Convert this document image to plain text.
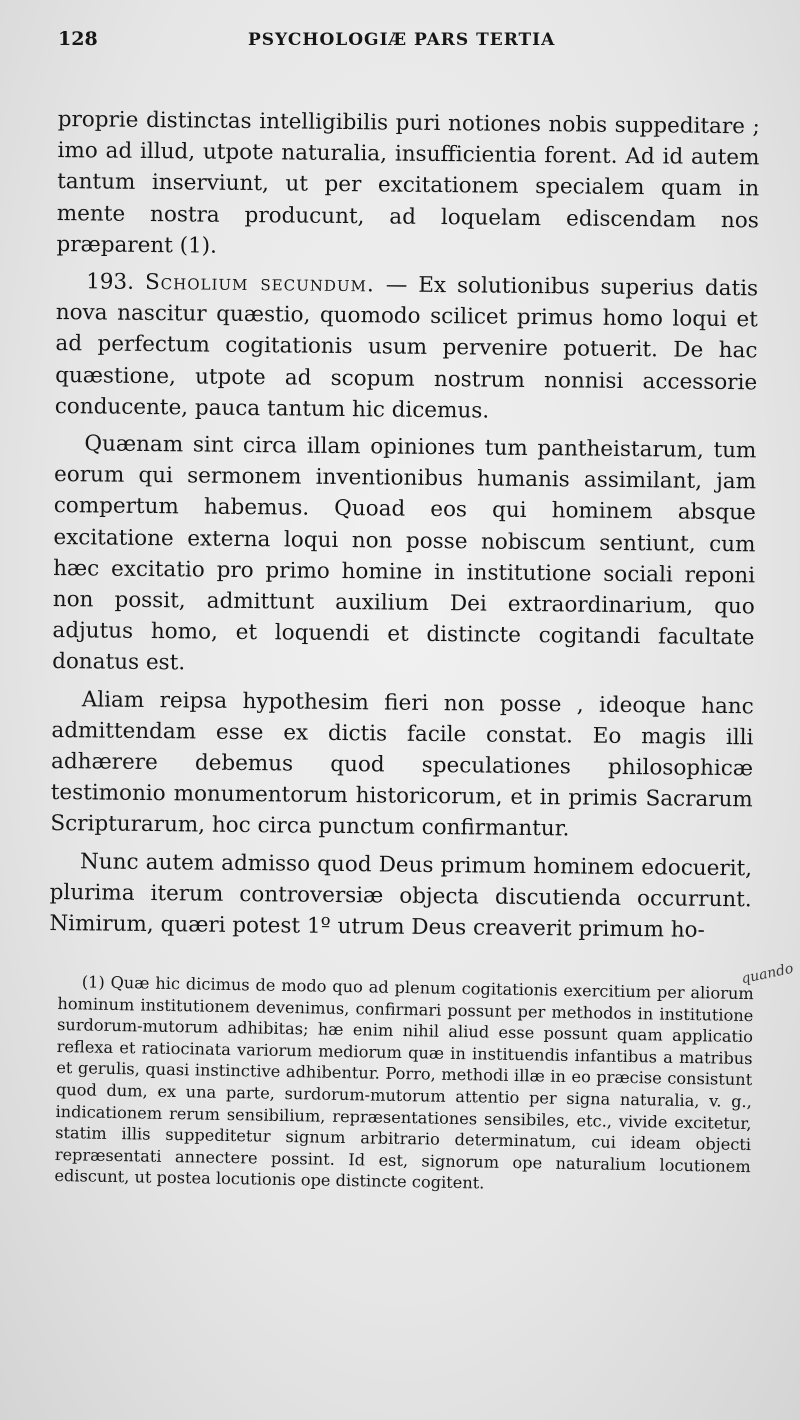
128	PSYCHOLOGIÆ PARS TERTIA

proprie distinctas intelligibilis puri notiones nobis suppeditare ; imo ad illud, utpote naturalia, insufficientia forent. Ad id autem tantum inserviunt, ut per excitationem specialem quam in mente nostra producunt, ad loquelam ediscendam nos præparent (1).

193. Scholium secundum. — Ex solutionibus superius datis nova nascitur quæstio, quomodo scilicet primus homo loqui et ad perfectum cogitationis usum pervenire potuerit. De hac quæstione, utpote ad scopum nostrum nonnisi accessorie conducente, pauca tantum hic dicemus.

Quænam sint circa illam opiniones tum pantheistarum, tum eorum qui sermonem inventionibus humanis assimilant, jam compertum habemus. Quoad eos qui hominem absque excitatione externa loqui non posse nobiscum sentiunt, cum hæc excitatio pro primo homine in institutione sociali reponi non possit, admittunt auxilium Dei extraordinarium, quo adjutus homo, et loquendi et distincte cogitandi facultate donatus est.

Aliam reipsa hypothesim fieri non posse , ideoque hanc admittendam esse ex dictis facile constat. Eo magis illi adhærere debemus quod speculationes philosophicæ testimonio monumentorum historicorum, et in primis Sacrarum Scripturarum, hoc circa punctum confirmantur.

Nunc autem admisso quod Deus primum hominem edocuerit, plurima iterum controversiæ objecta discutienda occurrunt. Nimirum, quæri potest 1º utrum Deus creaverit primum ho-

quando

(1) Quæ hic dicimus de modo quo ad plenum cogitationis exercitium per aliorum hominum institutionem devenimus, confirmari possunt per methodos in institutione surdorum-mutorum adhibitas; hæ enim nihil aliud esse possunt quam applicatio reflexa et ratiocinata variorum mediorum quæ in instituendis infantibus a matribus et gerulis, quasi instinctive adhibentur. Porro, methodi illæ in eo præcise consistunt quod dum, ex una parte, surdorum-mutorum attentio per signa naturalia, v. g., indicationem rerum sensibilium, repræsentationes sensibiles, etc., vivide excitetur, statim illis suppeditetur signum arbitrario determinatum, cui ideam objecti repræsentati annectere possint. Id est, signorum ope naturalium locutionem ediscunt, ut postea locutionis ope distincte cogitent.
